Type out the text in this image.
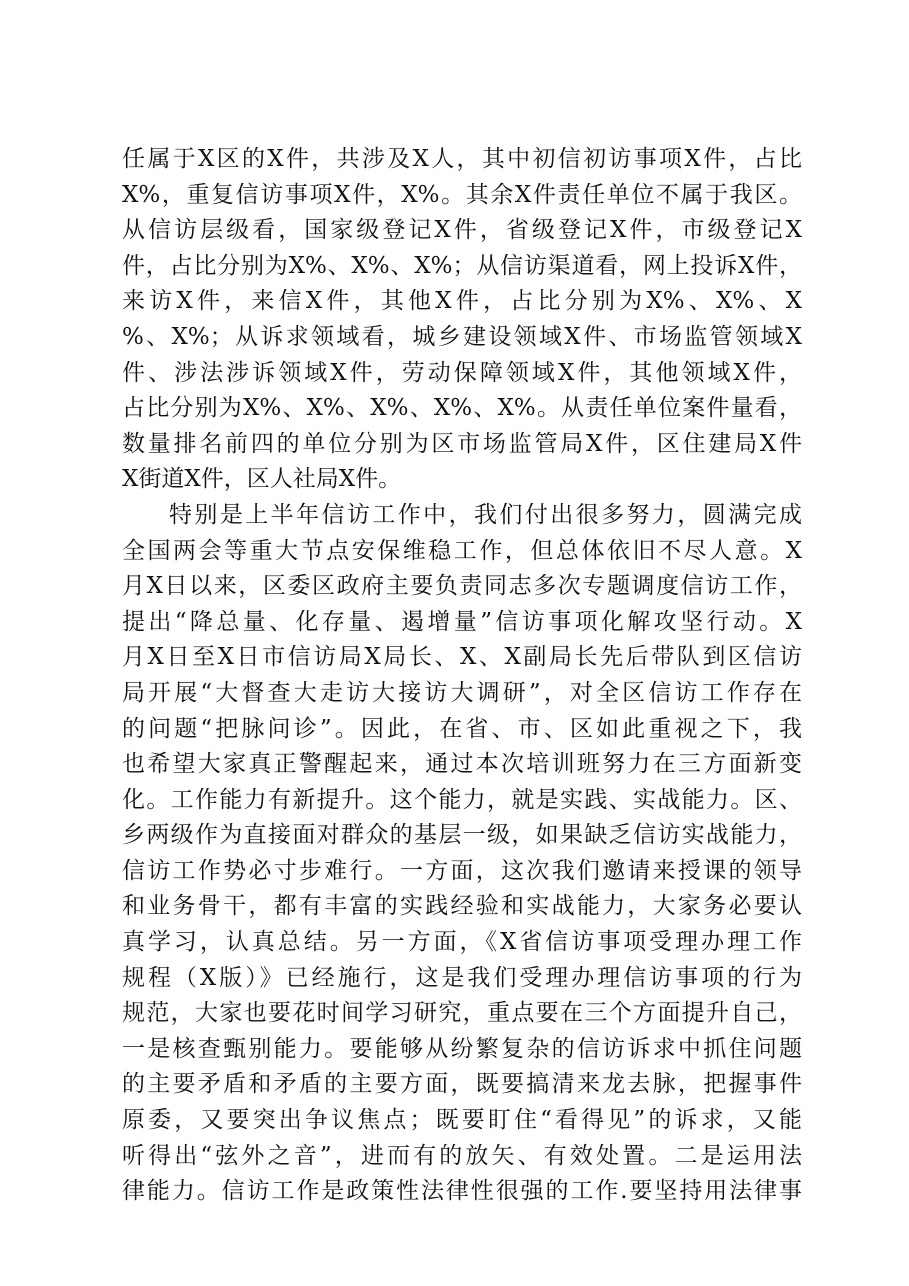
任属于X区的X件，共涉及X人，其中初信初访事项X件，占比
X%，重复信访事项X件，X%。其余X件责任单位不属于我区。
从信访层级看，国家级登记X件，省级登记X件，市级登记X
件，占比分别为X%、X%、X%；从信访渠道看，网上投诉X件，
来访X件，来信X件，其他X件，占比分别为X%、X%、X
%、X%；从诉求领域看，城乡建设领域X件、市场监管领域X
件、涉法涉诉领域X件，劳动保障领域X件，其他领域X件，
占比分别为X%、X%、X%、X%、X%。从责任单位案件量看，
数量排名前四的单位分别为区市场监管局X件，区住建局X件
X街道X件，区人社局X件。
特别是上半年信访工作中，我们付出很多努力，圆满完成
全国两会等重大节点安保维稳工作，但总体依旧不尽人意。X
月X日以来，区委区政府主要负责同志多次专题调度信访工作，
提出“降总量、化存量、遏增量”信访事项化解攻坚行动。X
月X日至X日市信访局X局长、X、X副局长先后带队到区信访
局开展“大督查大走访大接访大调研”，对全区信访工作存在
的问题“把脉问诊”。因此，在省、市、区如此重视之下，我
也希望大家真正警醒起来，通过本次培训班努力在三方面新变
化。工作能力有新提升。这个能力，就是实践、实战能力。区、
乡两级作为直接面对群众的基层一级，如果缺乏信访实战能力，
信访工作势必寸步难行。一方面，这次我们邀请来授课的领导
和业务骨干，都有丰富的实践经验和实战能力，大家务必要认
真学习，认真总结。另一方面，《X省信访事项受理办理工作
规程（X版）》已经施行，这是我们受理办理信访事项的行为
规范，大家也要花时间学习研究，重点要在三个方面提升自己，
一是核查甄别能力。要能够从纷繁复杂的信访诉求中抓住问题
的主要矛盾和矛盾的主要方面，既要搞清来龙去脉，把握事件
原委，又要突出争议焦点；既要盯住“看得见”的诉求，又能
听得出“弦外之音”，进而有的放矢、有效处置。二是运用法
律能力。信访工作是政策性法律性很强的工作.要坚持用法律事
